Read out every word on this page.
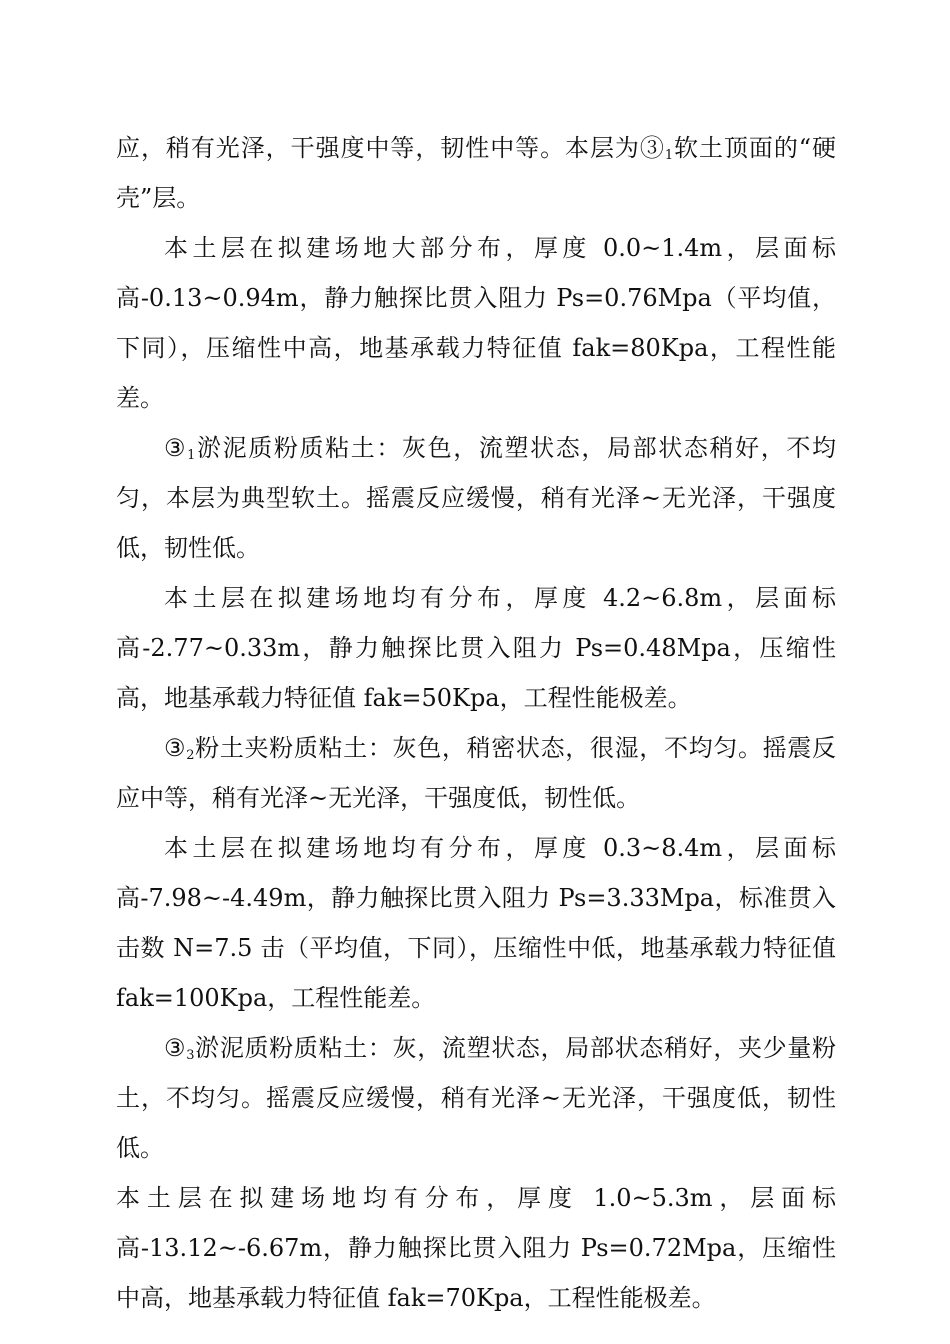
应，稍有光泽，干强度中等，韧性中等。本层为$③_1$软土顶面的“硬壳”层。

本土层在拟建场地大部分布，厚度 0.0~1.4m，层面标高-0.13~0.94m，静力触探比贯入阻力 Ps=0.76Mpa（平均值，下同），压缩性中高，地基承载力特征值 fak=80Kpa，工程性能差。

$③_1$淤泥质粉质粘土：灰色，流塑状态，局部状态稍好，不均匀，本层为典型软土。摇震反应缓慢，稍有光泽~无光泽，干强度低，韧性低。

本土层在拟建场地均有分布，厚度 4.2~6.8m，层面标高-2.77~0.33m，静力触探比贯入阻力 Ps=0.48Mpa，压缩性高，地基承载力特征值 fak=50Kpa，工程性能极差。

$③_2$粉土夹粉质粘土：灰色，稍密状态，很湿，不均匀。摇震反应中等，稍有光泽~无光泽，干强度低，韧性低。

本土层在拟建场地均有分布，厚度 0.3~8.4m，层面标高-7.98~-4.49m，静力触探比贯入阻力 Ps=3.33Mpa，标准贯入击数 N=7.5 击（平均值，下同），压缩性中低，地基承载力特征值 fak=100Kpa，工程性能差。

$③_3$淤泥质粉质粘土：灰，流塑状态，局部状态稍好，夹少量粉土，不均匀。摇震反应缓慢，稍有光泽~无光泽，干强度低，韧性低。

本土层在拟建场地均有分布，厚度 1.0~5.3m，层面标高-13.12~-6.67m，静力触探比贯入阻力 Ps=0.72Mpa，压缩性中高，地基承载力特征值 fak=70Kpa，工程性能极差。
